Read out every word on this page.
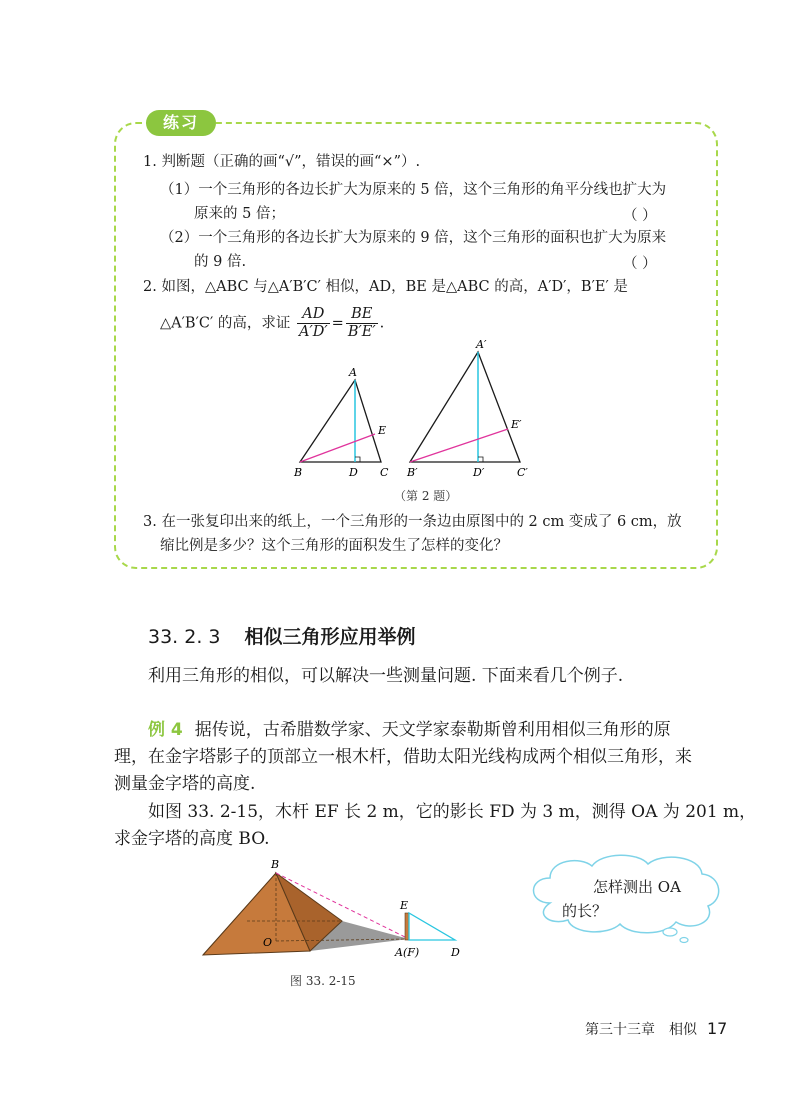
练习
1. 判断题（正确的画“√”，错误的画“×”）.
（1）一个三角形的各边长扩大为原来的 5 倍，这个三角形的角平分线也扩大为
原来的 5 倍；	（ ）
（2）一个三角形的各边长扩大为原来的 9 倍，这个三角形的面积也扩大为原来
的 9 倍.	（ ）
2. 如图，△ABC 与△A′B′C′ 相似，AD，BE 是△ABC 的高，A′D′，B′E′ 是
△A′B′C′ 的高，求证 $\frac{AD}{A'D'} = \frac{BE}{B'E'}$ .
A
B	C
D
E
A′
B′	C′
D′
E′
（第 2 题）
3. 在一张复印出来的纸上，一个三角形的一条边由原图中的 2 cm 变成了 6 cm，放
缩比例是多少？这个三角形的面积发生了怎样的变化？
33. 2. 3 相似三角形应用举例
利用三角形的相似，可以解决一些测量问题. 下面来看几个例子.
例 4 据传说，古希腊数学家、天文学家泰勒斯曾利用相似三角形的原
理，在金字塔影子的顶部立一根木杆，借助太阳光线构成两个相似三角形，来
测量金字塔的高度.
如图 33. 2-15，木杆 EF 长 2 m，它的影长 FD 为 3 m，测得 OA 为 201 m，
求金字塔的高度 BO.
B
O
E
A(F)	D
图 33. 2-15
怎样测出 OA
的长？
第三十三章　相似 17
